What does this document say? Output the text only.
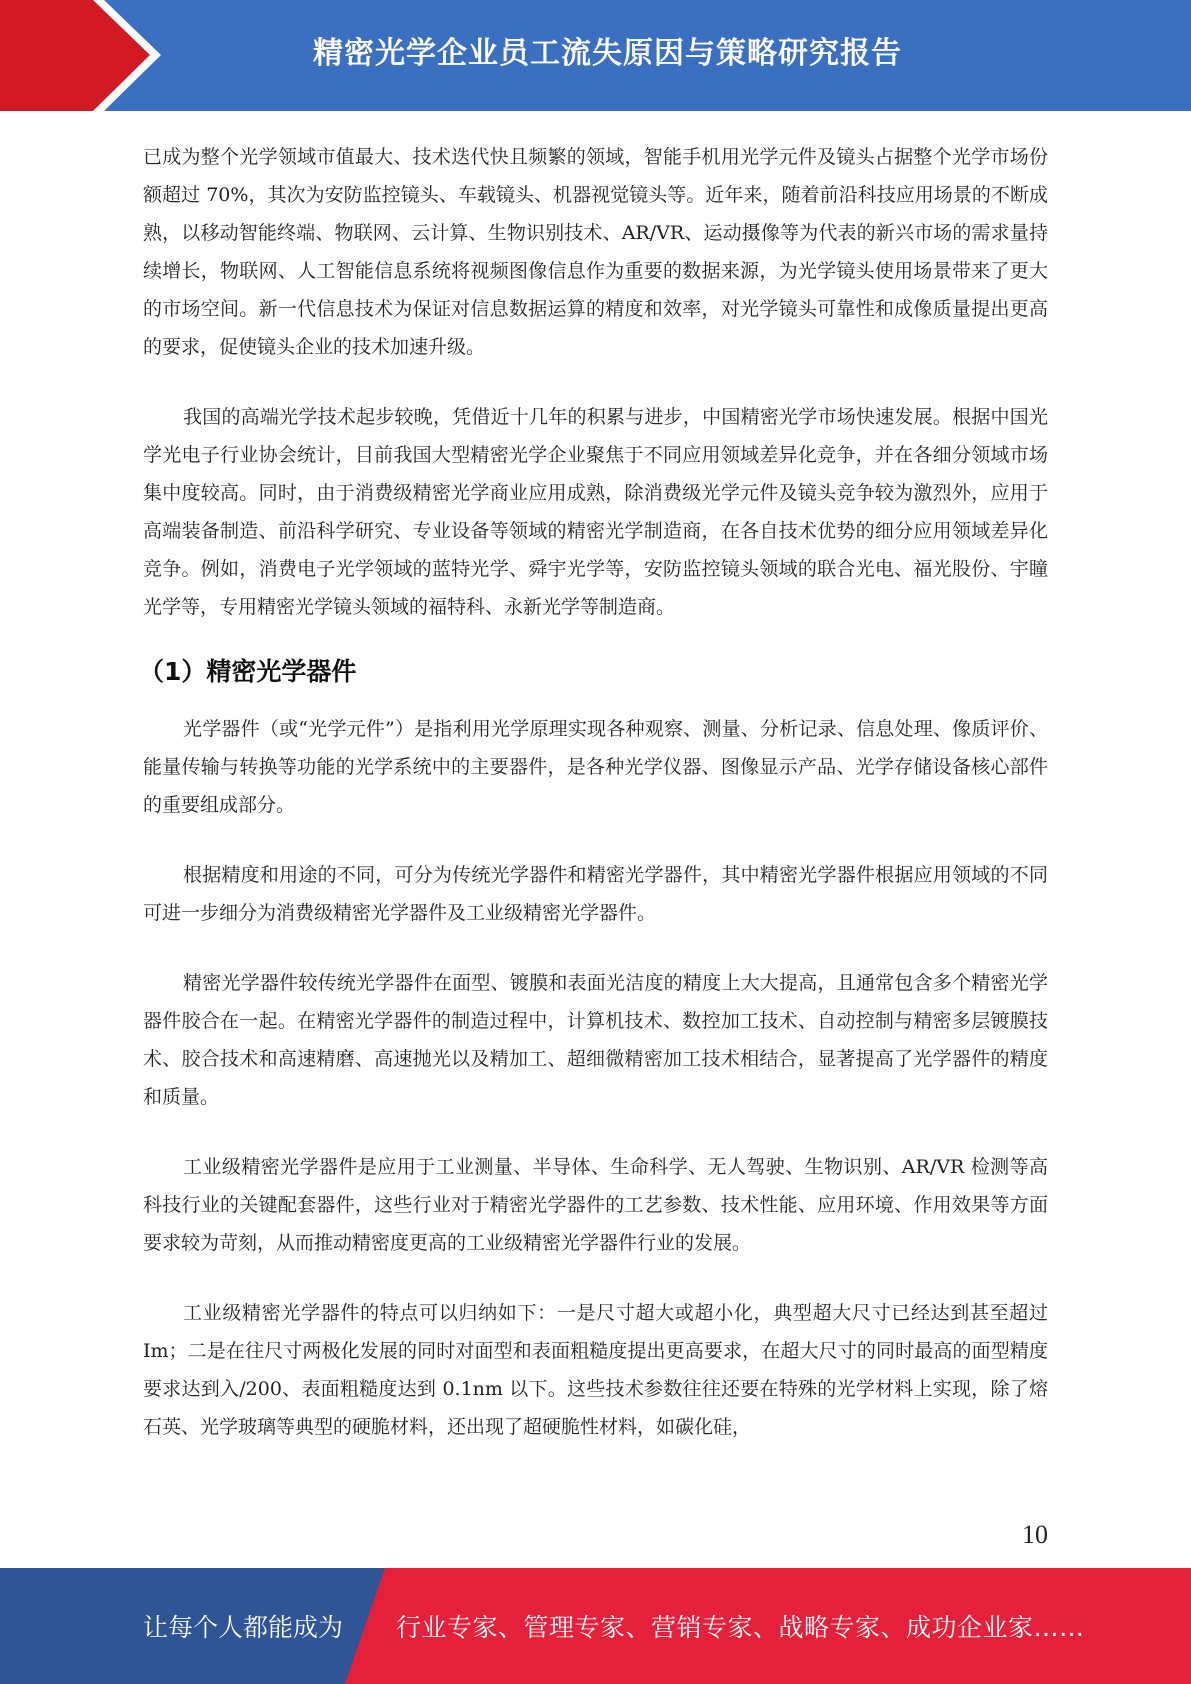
精密光学企业员工流失原因与策略研究报告

已成为整个光学领域市值最大、技术迭代快且频繁的领域，智能手机用光学元件及镜头占据整个光学市场份额超过 70%，其次为安防监控镜头、车载镜头、机器视觉镜头等。近年来，随着前沿科技应用场景的不断成熟，以移动智能终端、物联网、云计算、生物识别技术、AR/VR、运动摄像等为代表的新兴市场的需求量持续增长，物联网、人工智能信息系统将视频图像信息作为重要的数据来源，为光学镜头使用场景带来了更大的市场空间。新一代信息技术为保证对信息数据运算的精度和效率，对光学镜头可靠性和成像质量提出更高的要求，促使镜头企业的技术加速升级。

我国的高端光学技术起步较晚，凭借近十几年的积累与进步，中国精密光学市场快速发展。根据中国光学光电子行业协会统计，目前我国大型精密光学企业聚焦于不同应用领域差异化竞争，并在各细分领域市场集中度较高。同时，由于消费级精密光学商业应用成熟，除消费级光学元件及镜头竞争较为激烈外，应用于高端装备制造、前沿科学研究、专业设备等领域的精密光学制造商，在各自技术优势的细分应用领域差异化竞争。例如，消费电子光学领域的蓝特光学、舜宇光学等，安防监控镜头领域的联合光电、福光股份、宇瞳光学等，专用精密光学镜头领域的福特科、永新光学等制造商。

（1）精密光学器件

光学器件（或“光学元件”）是指利用光学原理实现各种观察、测量、分析记录、信息处理、像质评价、能量传输与转换等功能的光学系统中的主要器件，是各种光学仪器、图像显示产品、光学存储设备核心部件的重要组成部分。

根据精度和用途的不同，可分为传统光学器件和精密光学器件，其中精密光学器件根据应用领域的不同可进一步细分为消费级精密光学器件及工业级精密光学器件。

精密光学器件较传统光学器件在面型、镀膜和表面光洁度的精度上大大提高，且通常包含多个精密光学器件胶合在一起。在精密光学器件的制造过程中，计算机技术、数控加工技术、自动控制与精密多层镀膜技术、胶合技术和高速精磨、高速抛光以及精加工、超细微精密加工技术相结合，显著提高了光学器件的精度和质量。

工业级精密光学器件是应用于工业测量、半导体、生命科学、无人驾驶、生物识别、AR/VR 检测等高科技行业的关键配套器件，这些行业对于精密光学器件的工艺参数、技术性能、应用环境、作用效果等方面要求较为苛刻，从而推动精密度更高的工业级精密光学器件行业的发展。

工业级精密光学器件的特点可以归纳如下：一是尺寸超大或超小化，典型超大尺寸已经达到甚至超过 Im；二是在往尺寸两极化发展的同时对面型和表面粗糙度提出更高要求，在超大尺寸的同时最高的面型精度要求达到入/200、表面粗糙度达到 0.1nm 以下。这些技术参数往往还要在特殊的光学材料上实现，除了熔石英、光学玻璃等典型的硬脆材料，还出现了超硬脆性材料，如碳化硅，

10
让每个人都能成为 行业专家、管理专家、营销专家、战略专家、成功企业家……
